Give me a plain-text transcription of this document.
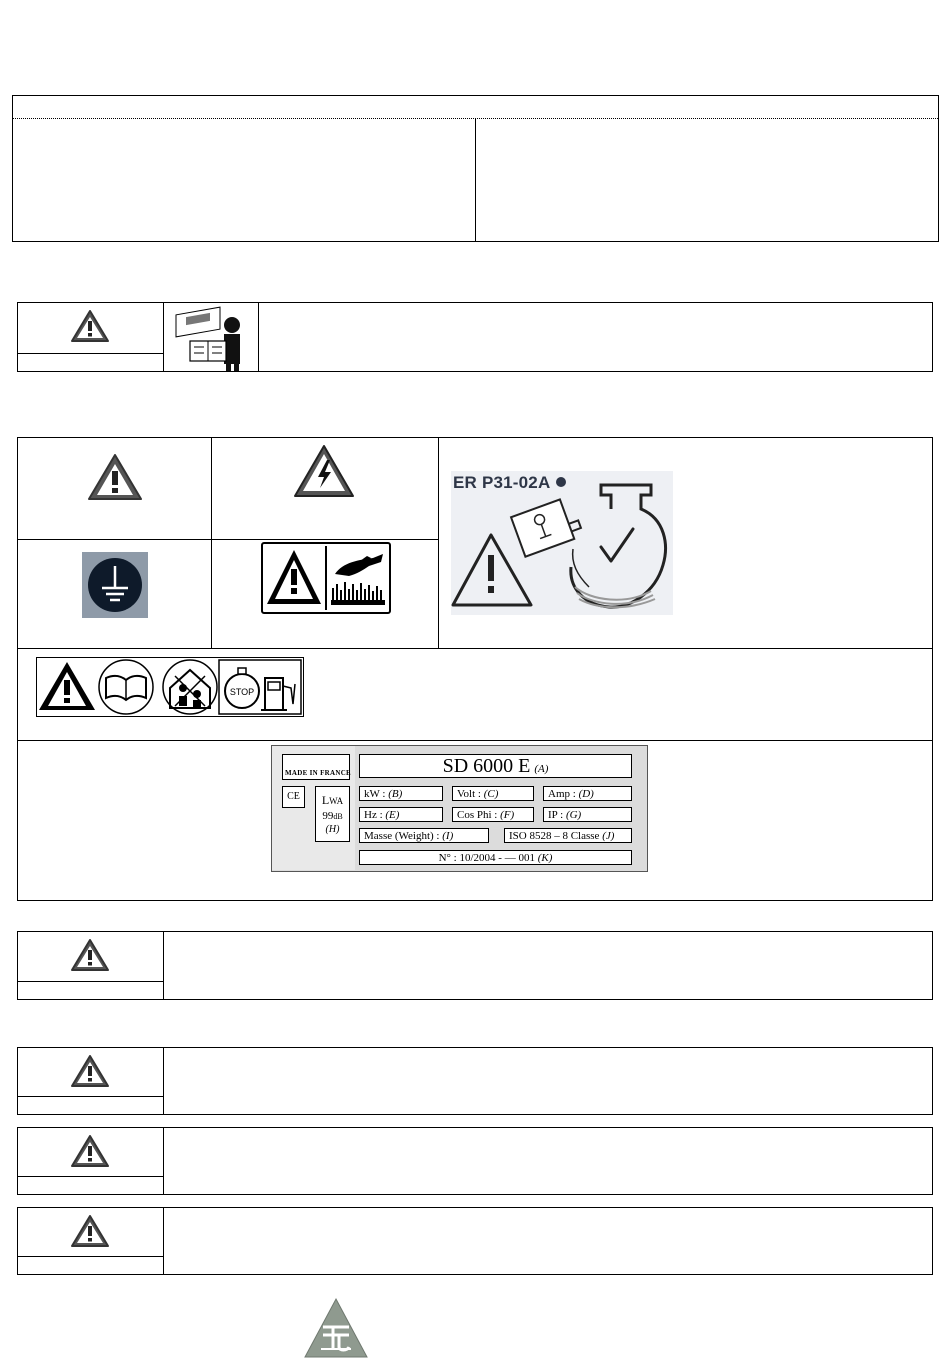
ER P31-02A
STOP
MADE IN FRANCE
CE	LWA
99dB
(H)
SD 6000 E (A)
kW : (B)	Volt : (C)	Amp : (D)
Hz : (E)	Cos Phi : (F)	IP : (G)
Masse (Weight) : (I)	ISO 8528 – 8 Classe (J)
N° : 10/2004 - –– 001 (K)
